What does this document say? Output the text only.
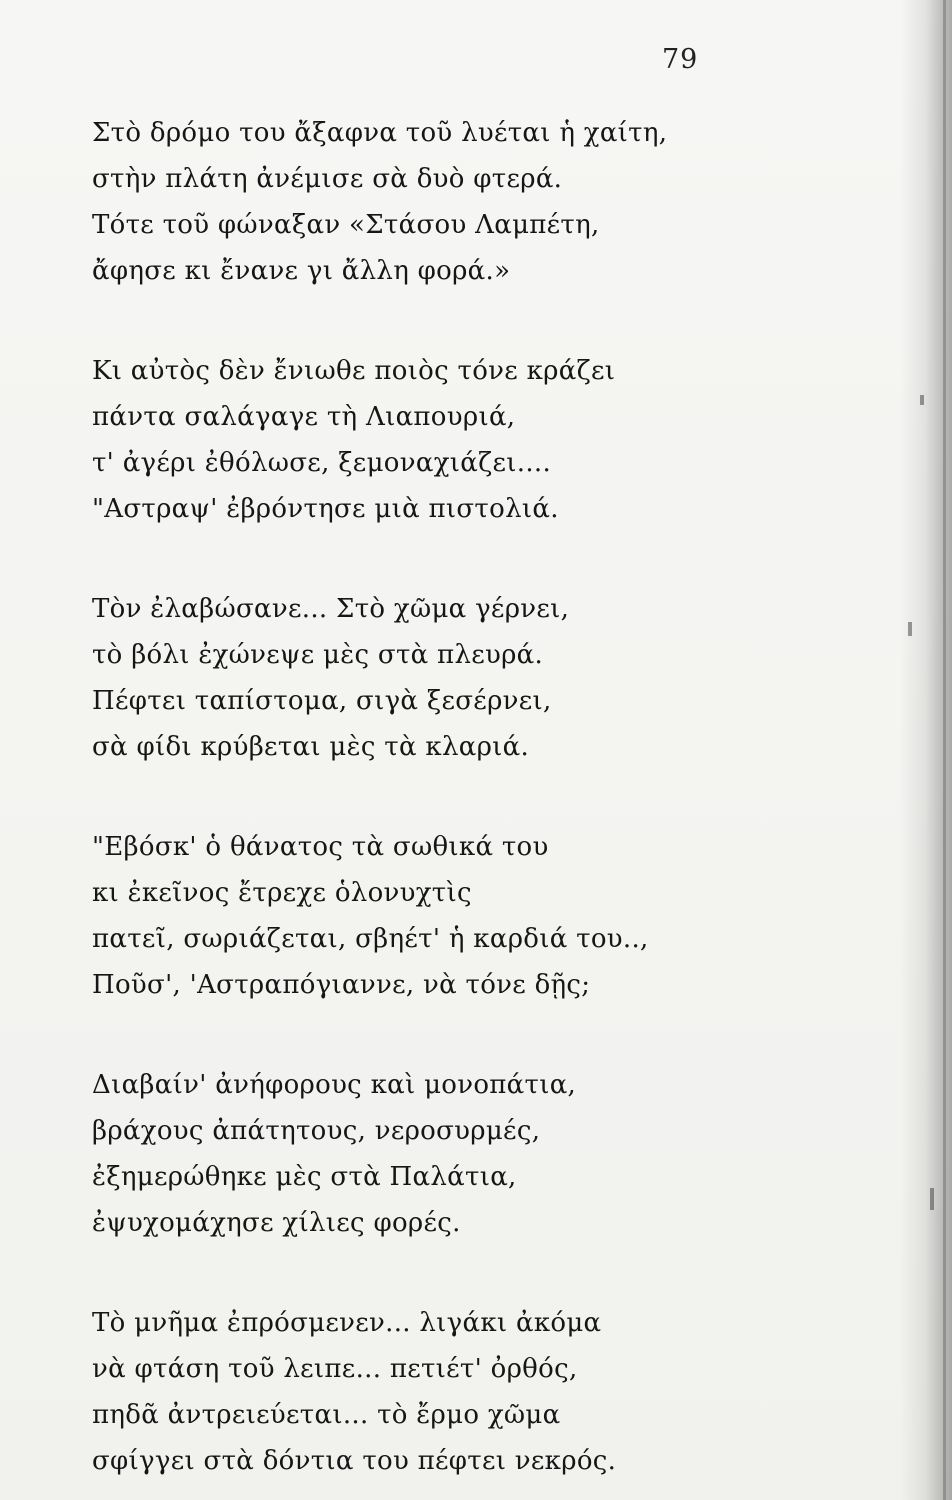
79
Στὸ δρόμο του ἄξαφνα τοῦ λυέται ἡ χαίτη,
στὴν πλάτη ἀνέμισε σὰ δυὸ φτερά.
Τότε τοῦ φώναξαν «Στάσου Λαμπέτη,
ἄφησε κι ἔνανε γι ἄλλη φορά.»
Κι αὐτὸς δὲν ἔνιωθε ποιὸς τόνε κράζει
πάντα σαλάγαγε τὴ Λιαπουριά,
τ' ἀγέρι ἐθόλωσε, ξεμοναχιάζει....
"Αστραψ' ἐβρόντησε μιὰ πιστολιά.
Τὸν ἐλαβώσανε... Στὸ χῶμα γέρνει,
τὸ βόλι ἐχώνεψε μὲς στὰ πλευρά.
Πέφτει ταπίστομα, σιγὰ ξεσέρνει,
σὰ φίδι κρύβεται μὲς τὰ κλαριά.
"Εβόσκ' ὁ θάνατος τὰ σωθικά του
κι ἐκεῖνος ἔτρεχε ὁλονυχτὶς
πατεῖ, σωριάζεται, σβηέτ' ἡ καρδιά του..,
Ποῦσ', 'Αστραπόγιαννε, νὰ τόνε δῇς;
Διαβαίν' ἀνήφορους καὶ μονοπάτια,
βράχους ἀπάτητους, νεροσυρμές,
ἐξημερώθηκε μὲς στὰ Παλάτια,
ἐψυχομάχησε χίλιες φορές.
Τὸ μνῆμα ἐπρόσμενεν... λιγάκι ἀκόμα
νὰ φτάση τοῦ λειπε... πετιέτ' ὀρθός,
πηδᾶ ἀντρειεύεται... τὸ ἔρμο χῶμα
σφίγγει στὰ δόντια του πέφτει νεκρός.
